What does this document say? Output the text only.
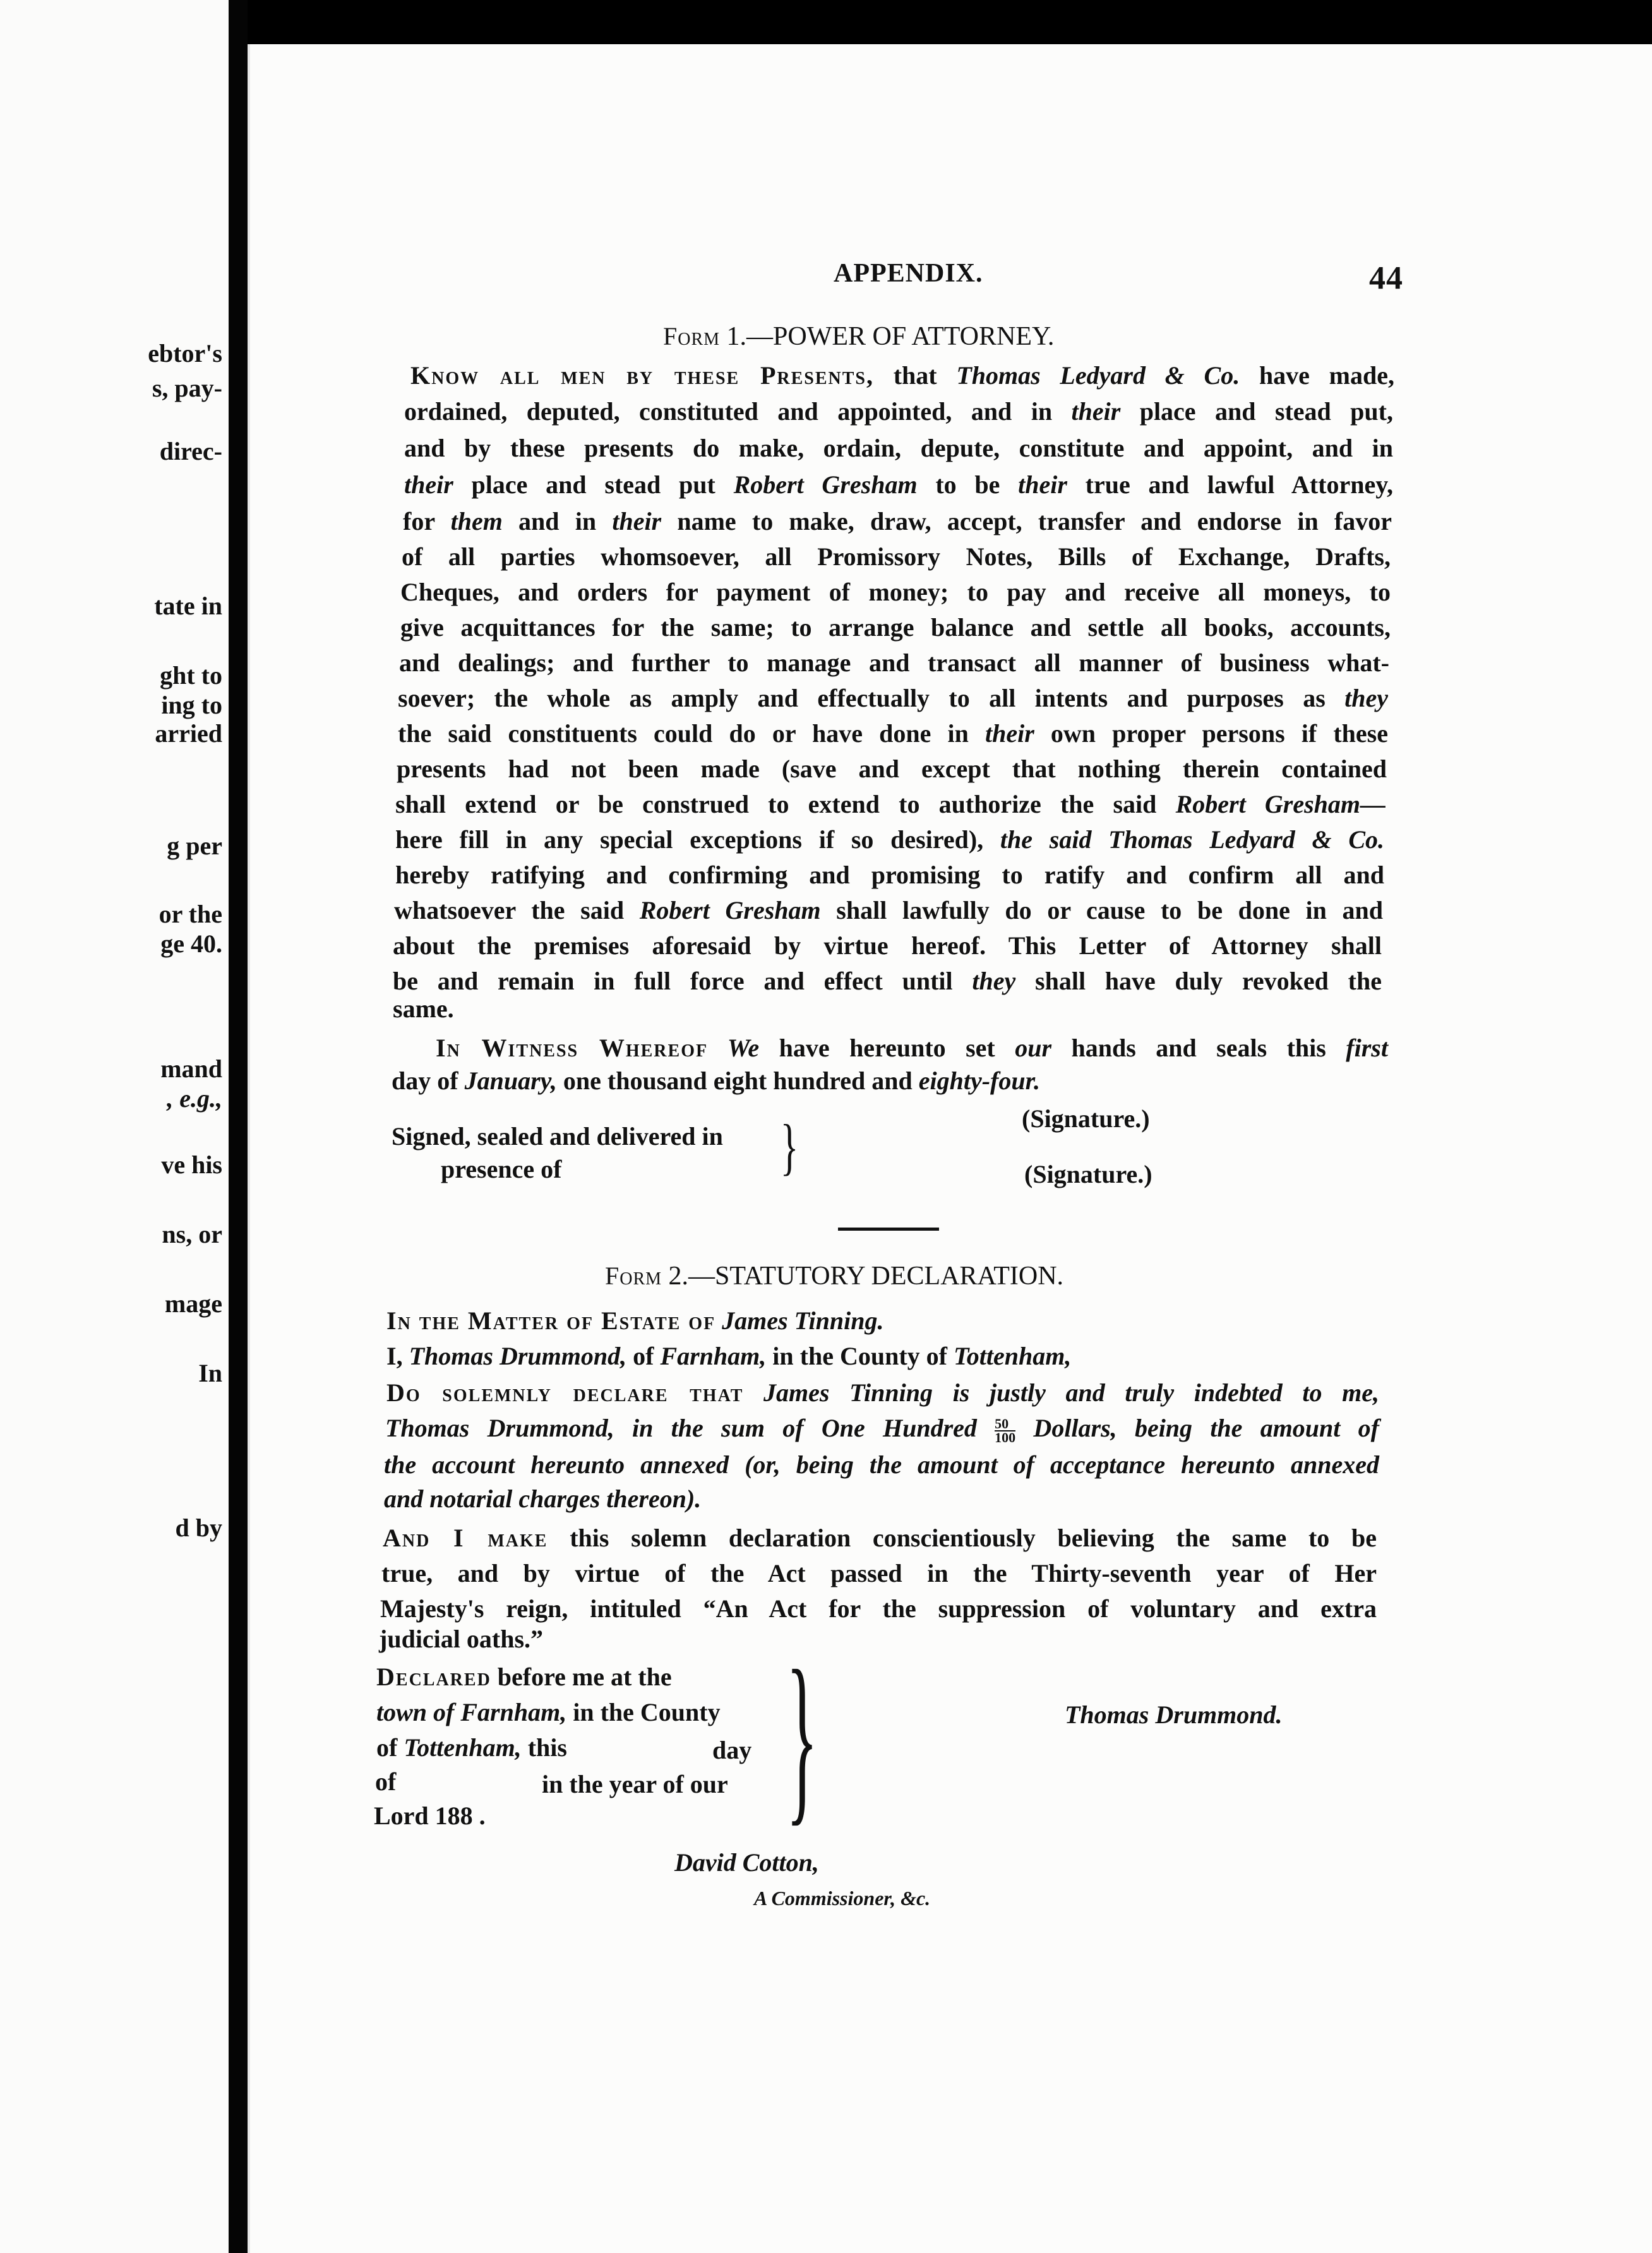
ebtor's
s, pay-
direc-
tate in
ght to
ing to
arried
g per
or the
ge 40.
mand
, e.g.,
ve his
ns, or
mage
In
d by
APPENDIX.	44
Form 1.—POWER OF ATTORNEY.
Know all men by these Presents, that Thomas Ledyard & Co. have made,
ordained, deputed, constituted and appointed, and in their place and stead put,
and by these presents do make, ordain, depute, constitute and appoint, and in
their place and stead put Robert Gresham to be their true and lawful Attorney,
for them and in their name to make, draw, accept, transfer and endorse in favor
of all parties whomsoever, all Promissory Notes, Bills of Exchange, Drafts,
Cheques, and orders for payment of money; to pay and receive all moneys, to
give acquittances for the same; to arrange balance and settle all books, accounts,
and dealings; and further to manage and transact all manner of business what-
soever; the whole as amply and effectually to all intents and purposes as they
the said constituents could do or have done in their own proper persons if these
presents had not been made (save and except that nothing therein contained
shall extend or be construed to extend to authorize the said Robert Gresham—
here fill in any special exceptions if so desired), the said Thomas Ledyard & Co.
hereby ratifying and confirming and promising to ratify and confirm all and
whatsoever the said Robert Gresham shall lawfully do or cause to be done in and
about the premises aforesaid by virtue hereof. This Letter of Attorney shall
be and remain in full force and effect until they shall have duly revoked the
same.
In Witness Whereof We have hereunto set our hands and seals this first
day of January, one thousand eight hundred and eighty-four.
(Signature.)
Signed, sealed and delivered in
presence of	}	(Signature.)
Form 2.—STATUTORY DECLARATION.
In the Matter of Estate of James Tinning.
I, Thomas Drummond, of Farnham, in the County of Tottenham,
Do solemnly declare that James Tinning is justly and truly indebted to me,
Thomas Drummond, in the sum of One Hundred $\frac{50}{100}$ Dollars, being the amount of
the account hereunto annexed (or, being the amount of acceptance hereunto annexed
and notarial charges thereon).
And I make this solemn declaration conscientiously believing the same to be
true, and by virtue of the Act passed in the Thirty-seventh year of Her
Majesty's reign, intituled “An Act for the suppression of voluntary and extra
judicial oaths.”
Declared before me at the
town of Farnham, in the County
of Tottenham, this	day
of	in the year of our
Lord 188 . }	Thomas Drummond.
David Cotton,
A Commissioner, &c.
